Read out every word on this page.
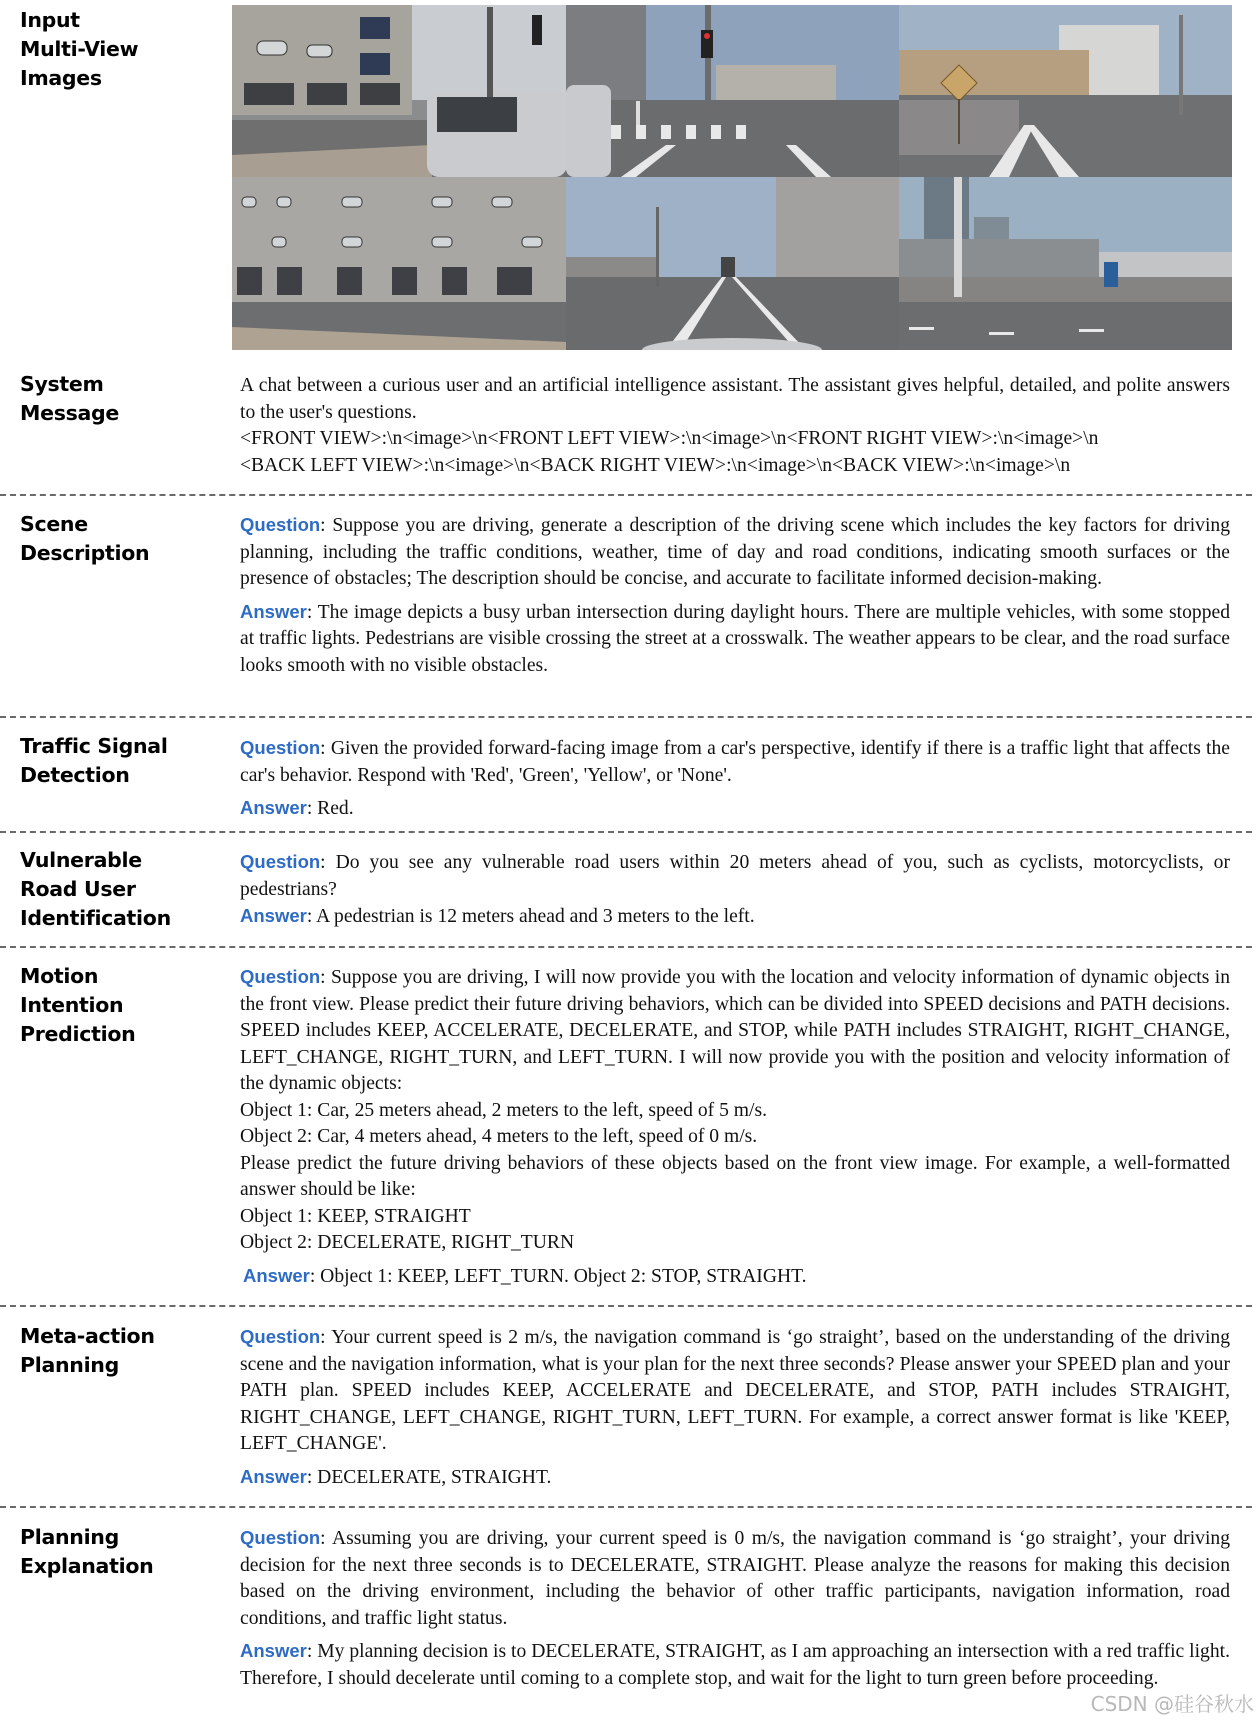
Input
Multi-View
Images
System
Message

A chat between a curious user and an artificial intelligence assistant. The assistant gives helpful, detailed, and polite answers to the user's questions.

<FRONT VIEW>:\n<image>\n<FRONT LEFT VIEW>:\n<image>\n<FRONT RIGHT VIEW>:\n<image>\n

<BACK LEFT VIEW>:\n<image>\n<BACK RIGHT VIEW>:\n<image>\n<BACK VIEW>:\n<image>\n

Scene
Description

Question: Suppose you are driving, generate a description of the driving scene which includes the key factors for driving planning, including the traffic conditions, weather, time of day and road conditions, indicating smooth surfaces or the presence of obstacles; The description should be concise, and accurate to facilitate informed decision-making.

Answer: The image depicts a busy urban intersection during daylight hours. There are multiple vehicles, with some stopped at traffic lights. Pedestrians are visible crossing the street at a crosswalk. The weather appears to be clear, and the road surface looks smooth with no visible obstacles.

Traffic Signal
Detection

Question: Given the provided forward-facing image from a car's perspective, identify if there is a traffic light that affects the car's behavior. Respond with 'Red', 'Green', 'Yellow', or 'None'.

Answer: Red.

Vulnerable
Road User
Identification

Question: Do you see any vulnerable road users within 20 meters ahead of you, such as cyclists, motorcyclists, or pedestrians?

Answer: A pedestrian is 12 meters ahead and 3 meters to the left.

Motion
Intention
Prediction

Question: Suppose you are driving, I will now provide you with the location and velocity information of dynamic objects in the front view. Please predict their future driving behaviors, which can be divided into SPEED decisions and PATH decisions. SPEED includes KEEP, ACCELERATE, DECELERATE, and STOP, while PATH includes STRAIGHT, RIGHT_CHANGE, LEFT_CHANGE, RIGHT_TURN, and LEFT_TURN. I will now provide you with the position and velocity information of the dynamic objects:

Object 1: Car, 25 meters ahead, 2 meters to the left, speed of 5 m/s.

Object 2: Car, 4 meters ahead, 4 meters to the left, speed of 0 m/s.

Please predict the future driving behaviors of these objects based on the front view image. For example, a well-formatted answer should be like:

Object 1: KEEP, STRAIGHT

Object 2: DECELERATE, RIGHT_TURN

Answer: Object 1: KEEP, LEFT_TURN. Object 2: STOP, STRAIGHT.

Meta-action
Planning

Question: Your current speed is 2 m/s, the navigation command is ‘go straight’, based on the understanding of the driving scene and the navigation information, what is your plan for the next three seconds? Please answer your SPEED plan and your PATH plan. SPEED includes KEEP, ACCELERATE and DECELERATE, and STOP, PATH includes STRAIGHT, RIGHT_CHANGE, LEFT_CHANGE, RIGHT_TURN, LEFT_TURN. For example, a correct answer format is like 'KEEP, LEFT_CHANGE'.

Answer: DECELERATE, STRAIGHT.

Planning
Explanation

Question: Assuming you are driving, your current speed is 0 m/s, the navigation command is ‘go straight’, your driving decision for the next three seconds is to DECELERATE, STRAIGHT. Please analyze the reasons for making this decision based on the driving environment, including the behavior of other traffic participants, navigation information, road conditions, and traffic light status.

Answer: My planning decision is to DECELERATE, STRAIGHT, as I am approaching an intersection with a red traffic light. Therefore, I should decelerate until coming to a complete stop, and wait for the light to turn green before proceeding.

CSDN @硅谷秋水
